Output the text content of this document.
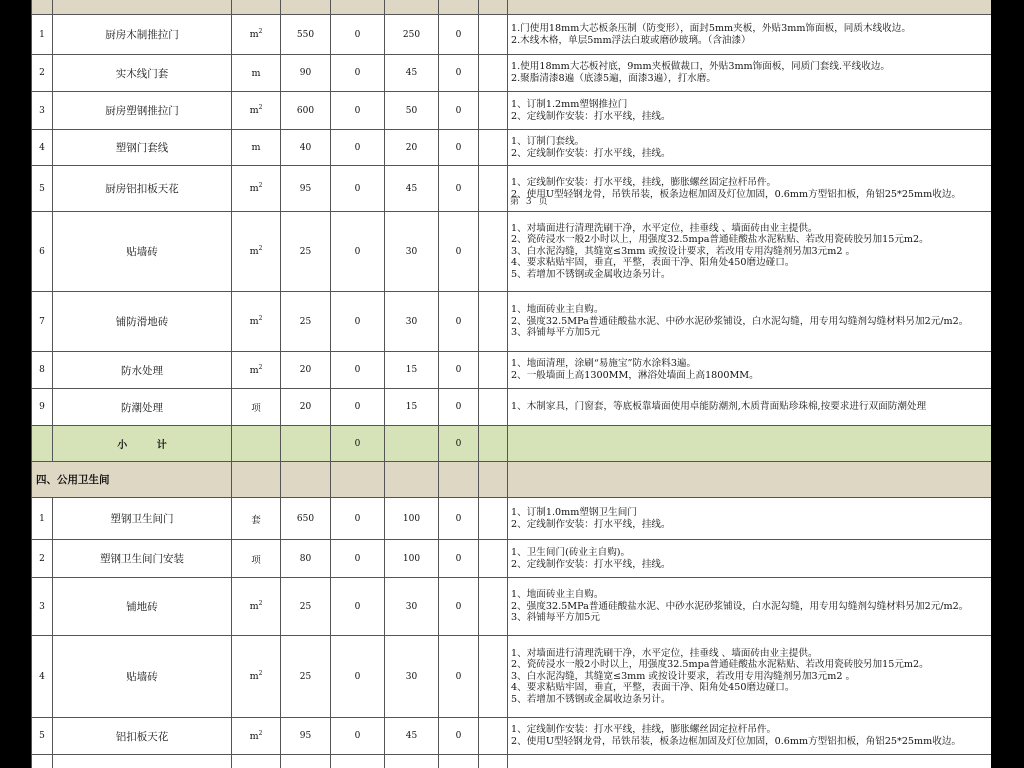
1	厨房木制推拉门	$m^2$	550	0	250	0		1.门使用18mm大芯板条压制（防变形），面封5mm夹板，外贴3mm饰面板，同质木线收边。
2.木线木格，单层5mm浮法白玻或磨砂玻璃。（含油漆）

2	实木线门套	m	90	0	45	0		1.使用18mm大芯板衬底，9mm夹板做裁口，外贴3mm饰面板，同质门套线.平线收边。
2.聚脂清漆8遍（底漆5遍，面漆3遍），打水磨。

3	厨房塑钢推拉门	$m^2$	600	0	50	0		1、订制1.2mm塑钢推拉门
2、定线制作安装：打水平线，挂线。

4	塑钢门套线	m	40	0	20	0		1、订制门套线。
2、定线制作安装：打水平线，挂线。

5	厨房铝扣板天花	$m^2$	95	0	45	0		1、定线制作安装：打水平线，挂线，膨胀螺丝固定拉杆吊件。
2、使用U型轻钢龙骨，吊铁吊装，板条边框加固及灯位加固，0.6mm方型铝扣板，角铝25*25mm收边。

6	贴墙砖	$m^2$	25	0	30	0		1、对墙面进行清理洗刷干净，水平定位，挂垂线 、墙面砖由业主提供。
2、瓷砖浸水一般2小时以上，用强度32.5mpa普通硅酸盐水泥粘贴、若改用瓷砖胶另加15元m2。
3、白水泥沟缝，其缝宽≤3mm 或按设计要求，若改用专用沟缝剂另加3元m2 。
4、要求粘贴牢固，垂直，平整，表面干净、阳角处450磨边碰口。
5、若增加不锈钢或金属收边条另计。

7	铺防滑地砖	$m^2$	25	0	30	0		1、地面砖业主自购。
2、强度32.5MPa普通硅酸盐水泥、中砂水泥砂浆铺设，白水泥勾缝，用专用勾缝剂勾缝材料另加2元/m2。
3、斜铺每平方加5元

8	防水处理	$m^2$	20	0	15	0		1、地面清理，涂刷“易施宝”防水涂料3遍。
2、一般墙面上高1300MM，淋浴处墙面上高1800MM。

9	防潮处理	项	20	0	15	0		1、木制家具，门窗套，等底板靠墙面使用卓能防潮剂,木质背面贴珍珠棉,按要求进行双面防潮处理

	小 计			0		0		
四、公用卫生间								
1	塑钢卫生间门	套	650	0	100	0		1、订制1.0mm塑钢卫生间门
2、定线制作安装：打水平线，挂线。

2	塑钢卫生间门安装	项	80	0	100	0		1、卫生间门(砖业主自购)。
2、定线制作安装：打水平线，挂线。

3	铺地砖	$m^2$	25	0	30	0		1、地面砖业主自购。
2、强度32.5MPa普通硅酸盐水泥、中砂水泥砂浆铺设，白水泥勾缝，用专用勾缝剂勾缝材料另加2元/m2。
3、斜铺每平方加5元

4	贴墙砖	$m^2$	25	0	30	0		1、对墙面进行清理洗刷干净，水平定位，挂垂线 、墙面砖由业主提供。
2、瓷砖浸水一般2小时以上，用强度32.5mpa普通硅酸盐水泥粘贴、若改用瓷砖胶另加15元m2。
3、白水泥沟缝，其缝宽≤3mm 或按设计要求，若改用专用沟缝剂另加3元m2 。
4、要求粘贴牢固，垂直，平整，表面干净、阳角处450磨边碰口。
5、若增加不锈钢或金属收边条另计。

5	铝扣板天花	$m^2$	95	0	45	0		1、定线制作安装：打水平线，挂线，膨胀螺丝固定拉杆吊件。
2、使用U型轻钢龙骨，吊铁吊装，板条边框加固及灯位加固，0.6mm方型铝扣板，角铝25*25mm收边。

第 3 页
